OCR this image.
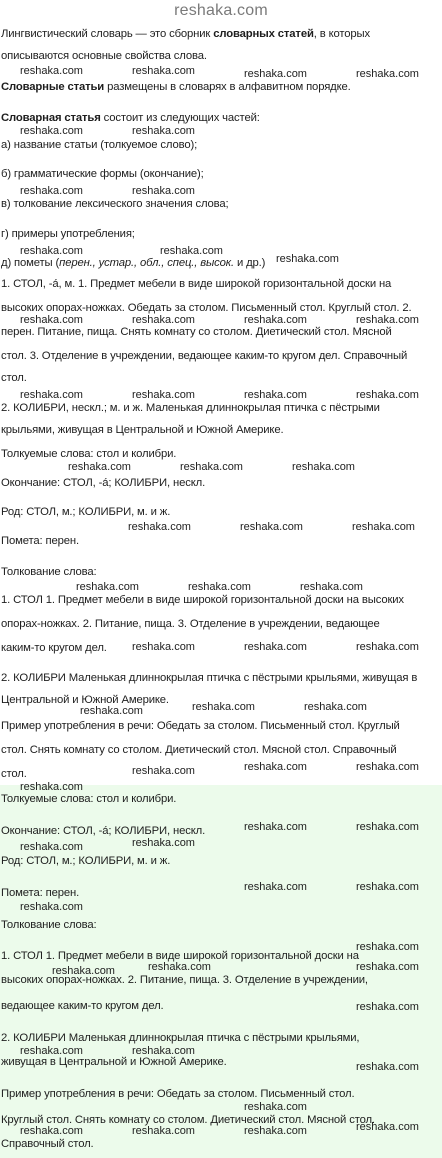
reshaka.com
Лингвистический словарь — это сборник словарных статей, в которых
описываются основные свойства слова.
Словарные статьи размещены в словарях в алфавитном порядке.
Словарная статья состоит из следующих частей:
а) название статьи (толкуемое слово);
б) грамматические формы (окончание);
в) толкование лексического значения слова;
г) примеры употребления;
д) пометы (перен., устар., обл., спец., высок. и др.)
1. СТОЛ, -á, м. 1. Предмет мебели в виде широкой горизонтальной доски на
высоких опорах-ножках. Обедать за столом. Письменный стол. Круглый стол. 2.
перен. Питание, пища. Снять комнату со столом. Диетический стол. Мясной
стол. 3. Отделение в учреждении, ведающее каким-то кругом дел. Справочный
стол.
2. КОЛИБРИ, нескл.; м. и ж. Маленькая длиннокрылая птичка с пёстрыми
крыльями, живущая в Центральной и Южной Америке.
Толкуемые слова: стол и колибри.
Окончание: СТОЛ, -á; КОЛИБРИ, нескл.
Род: СТОЛ, м.; КОЛИБРИ, м. и ж.
Помета: перен.
Толкование слова:
1. СТОЛ 1. Предмет мебели в виде широкой горизонтальной доски на высоких
опорах-ножках. 2. Питание, пища. 3. Отделение в учреждении, ведающее
каким-то кругом дел.
2. КОЛИБРИ Маленькая длиннокрылая птичка с пёстрыми крыльями, живущая в
Центральной и Южной Америке.
Пример употребления в речи: Обедать за столом. Письменный стол. Круглый
стол. Снять комнату со столом. Диетический стол. Мясной стол. Справочный
стол.
Толкуемые слова: стол и колибри.
Окончание: СТОЛ, -á; КОЛИБРИ, нескл.
Род: СТОЛ, м.; КОЛИБРИ, м. и ж.
Пометa: перен.
Толкование слова:
1. СТОЛ 1. Предмет мебели в виде широкой горизонтальной доски на
высоких опорах-ножках. 2. Питание, пища. 3. Отделение в учреждении,
ведающее каким-то кругом дел.
2. КОЛИБРИ Маленькая длиннокрылая птичка с пёстрыми крыльями,
живущая в Центральной и Южной Америке.
Пример употребления в речи: Обедать за столом. Письменный стол.
Круглый стол. Снять комнату со столом. Диетический стол. Мясной стол.
Справочный стол.
reshaka.com	reshaka.com	reshaka.com	reshaka.com
reshaka.com	reshaka.com
reshaka.com	reshaka.com
reshaka.com	reshaka.com
reshaka.com
reshaka.com	reshaka.com	reshaka.com	reshaka.com
reshaka.com	reshaka.com	reshaka.com	reshaka.com
reshaka.com	reshaka.com	reshaka.com
reshaka.com	reshaka.com	reshaka.com
reshaka.com	reshaka.com	reshaka.com
reshaka.com	reshaka.com	reshaka.com
reshaka.com	reshaka.com	reshaka.com
reshaka.com	reshaka.com	reshaka.com
reshaka.com
reshaka.com	reshaka.com
reshaka.com
reshaka.com
reshaka.com	reshaka.com
reshaka.com
reshaka.com
reshaka.com	reshaka.com
reshaka.com
reshaka.com
reshaka.com	reshaka.com
reshaka.com
reshaka.com
reshaka.com
reshaka.com	reshaka.com	reshaka.com
